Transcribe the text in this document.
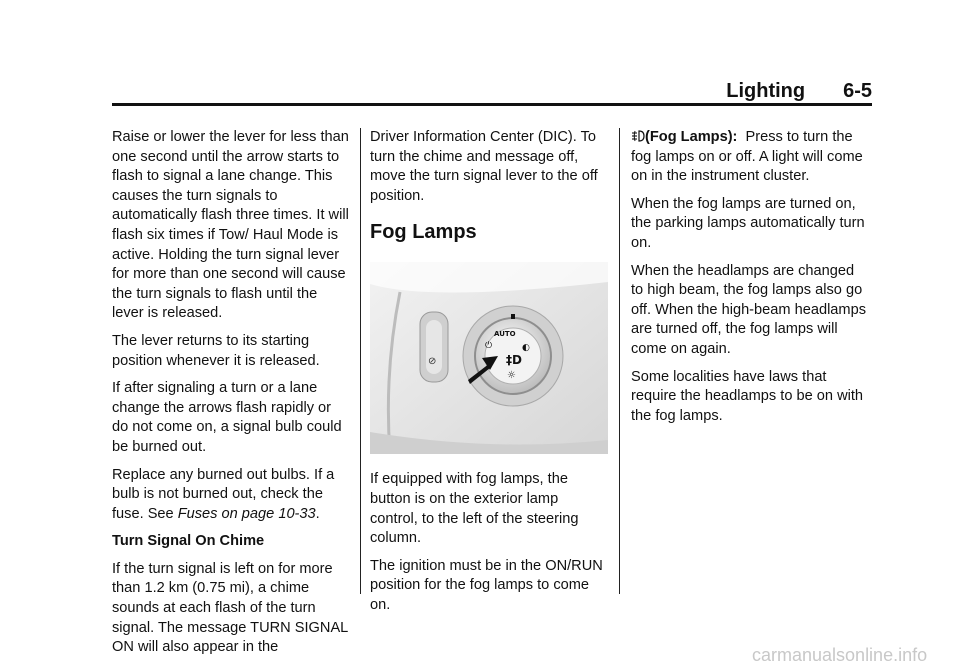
Lighting 6-5

Raise or lower the lever for less than one second until the arrow starts to flash to signal a lane change. This causes the turn signals to automatically flash three times. It will flash six times if Tow/ Haul Mode is active. Holding the turn signal lever for more than one second will cause the turn signals to flash until the lever is released.

The lever returns to its starting position whenever it is released.

If after signaling a turn or a lane change the arrows flash rapidly or do not come on, a signal bulb could be burned out.

Replace any burned out bulbs. If a bulb is not burned out, check the fuse. See Fuses on page 10-33.

Turn Signal On Chime

If the turn signal is left on for more than 1.2 km (0.75 mi), a chime sounds at each flash of the turn signal. The message TURN SIGNAL ON will also appear in the

Driver Information Center (DIC). To turn the chime and message off, move the turn signal lever to the off position.

Fog Lamps
⊘
AUTO
⏻	◐
‡D
☼

If equipped with fog lamps, the button is on the exterior lamp control, to the left of the steering column.

The ignition must be in the ON/RUN position for the fog lamps to come on.

(Fog Lamps): Press to turn the fog lamps on or off. A light will come on in the instrument cluster.

When the fog lamps are turned on, the parking lamps automatically turn on.

When the headlamps are changed to high beam, the fog lamps also go off. When the high-beam headlamps are turned off, the fog lamps will come on again.

Some localities have laws that require the headlamps to be on with the fog lamps.

carmanualsonline.info
